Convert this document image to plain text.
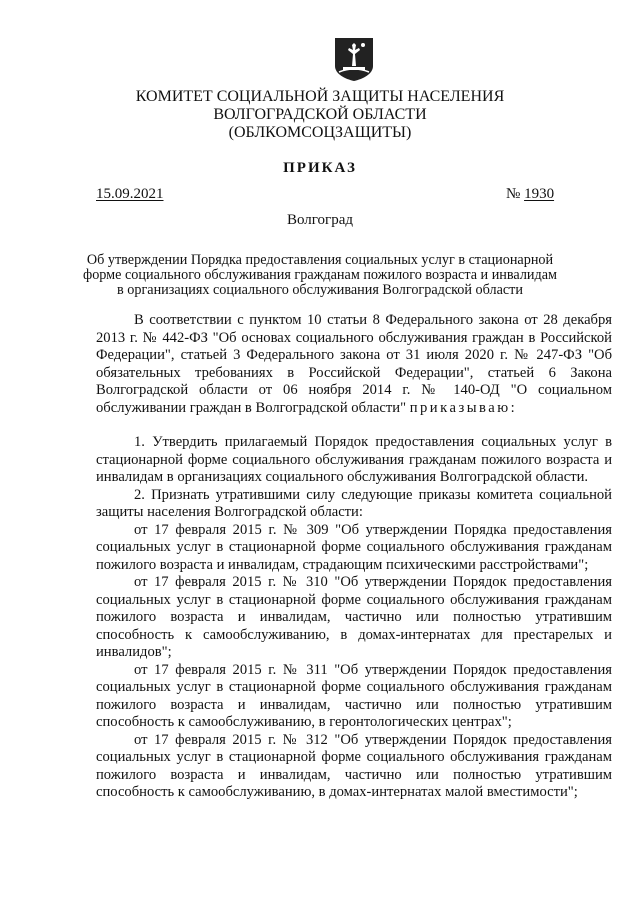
КОМИТЕТ СОЦИАЛЬНОЙ ЗАЩИТЫ НАСЕЛЕНИЯ
ВОЛГОГРАДСКОЙ ОБЛАСТИ
(ОБЛКОМСОЦЗАЩИТЫ)
ПРИКАЗ
15.09.2021	№ 1930
Волгоград
Об утверждении Порядка предоставления социальных услуг в стационарной
форме социального обслуживания гражданам пожилого возраста и инвалидам
в организациях социального обслуживания Волгоградской области

В соответствии с пунктом 10 статьи 8 Федерального закона от 28 декабря 2013 г. № 442-ФЗ "Об основах социального обслуживания граждан в Российской Федерации", статьей 3 Федерального закона от 31 июля 2020 г. № 247-ФЗ "Об обязательных требованиях в Российской Федерации", статьей 6 Закона Волгоградской области от 06 ноября 2014 г. № 140-ОД "О социальном обслуживании граждан в Волгоградской области" приказываю:

1. Утвердить прилагаемый Порядок предоставления социальных услуг в стационарной форме социального обслуживания гражданам пожилого возраста и инвалидам в организациях социального обслуживания Волгоградской области.

2. Признать утратившими силу следующие приказы комитета социальной защиты населения Волгоградской области:

от 17 февраля 2015 г. № 309 "Об утверждении Порядка предоставления социальных услуг в стационарной форме социального обслуживания гражданам пожилого возраста и инвалидам, страдающим психическими расстройствами";

от 17 февраля 2015 г. № 310 "Об утверждении Порядок предоставления социальных услуг в стационарной форме социального обслуживания гражданам пожилого возраста и инвалидам, частично или полностью утратившим способность к самообслуживанию, в домах-интернатах для престарелых и инвалидов";

от 17 февраля 2015 г. № 311 "Об утверждении Порядок предоставления социальных услуг в стационарной форме социального обслуживания гражданам пожилого возраста и инвалидам, частично или полностью утратившим способность к самообслуживанию, в геронтологических центрах";

от 17 февраля 2015 г. № 312 "Об утверждении Порядок предоставления социальных услуг в стационарной форме социального обслуживания гражданам пожилого возраста и инвалидам, частично или полностью утратившим способность к самообслуживанию, в домах-интернатах малой вместимости";
